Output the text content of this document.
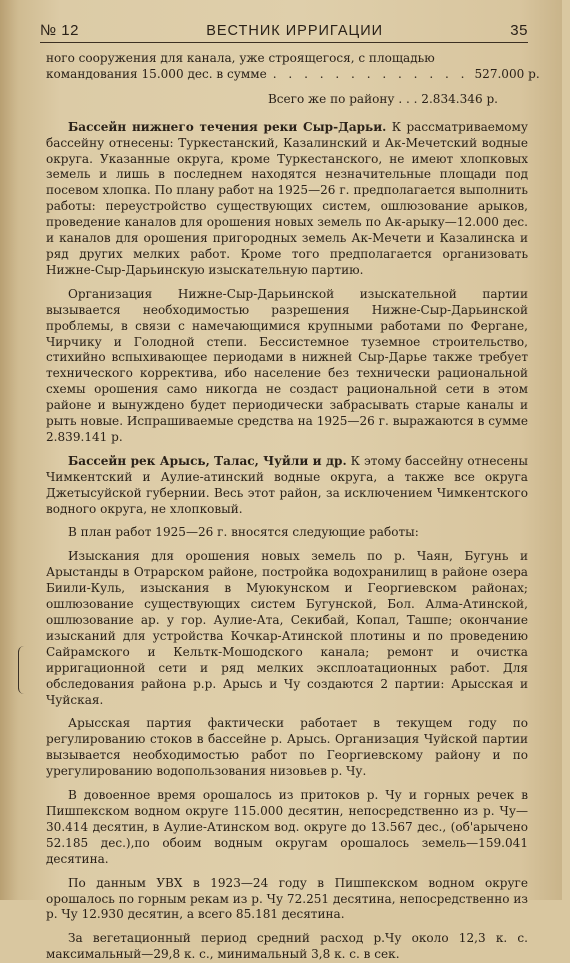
№ 12	ВЕСТНИК ИРРИГАЦИИ	35

ного сооружения для канала, уже строящегося, с площадью

командования 15.000 дес. в сумме . . . . . . . . . . . . . 527.000 р.

Всего же по району . . . 2.834.346 р.

Бассейн нижнего течения реки Сыр-Дарьи. К рассматриваемому бассейну отнесены: Туркестанский, Казалинский и Ак-Мечетский водные округа. Указанные округа, кроме Туркестанского, не имеют хлопковых земель и лишь в последнем находятся незначительные площади под посевом хлопка. По плану работ на 1925—26 г. предполагается выполнить работы: переустройство существующих систем, ошлюзование арыков, проведение каналов для орошения новых земель по Ак-арыку—12.000 дес. и каналов для орошения пригородных земель Ак-Мечети и Казалинска и ряд других мелких работ. Кроме того предполагается организовать Нижне-Сыр-Дарьинскую изыскательную партию.

Организация Нижне-Сыр-Дарьинской изыскательной партии вызывается необходимостью разрешения Нижне-Сыр-Дарьинской проблемы, в связи с намечающимися крупными работами по Фергане, Чирчику и Голодной степи. Бессистемное туземное строительство, стихийно вспыхивающее периодами в нижней Сыр-Дарье также требует технического корректива, ибо население без технически рациональной схемы орошения само никогда не создаст рациональной сети в этом районе и вынуждено будет периодически забрасывать старые каналы и рыть новые. Испрашиваемые средства на 1925—26 г. выражаются в сумме 2.839.141 р.

Бассейн рек Арысь, Талас, Чуйли и др. К этому бассейну отнесены Чимкентский и Аулие-атинский водные округа, а также все округа Джетысуйской губернии. Весь этот район, за исключением Чимкентского водного округа, не хлопковый.

В план работ 1925—26 г. вносятся следующие работы:

Изыскания для орошения новых земель по р. Чаян, Бугунь и Арыстанды в Отрарском районе, постройка водохранилищ в районе озера Биили-Куль, изыскания в Муюкунском и Георгиевском районах; ошлюзование существующих систем Бугунской, Бол. Алма-Атинской, ошлюзование ар. у гор. Аулие-Ата, Секибай, Копал, Ташпе; окончание изысканий для устройства Кочкар-Атинской плотины и по проведению Сайрамского и Кельтк-Мошодского канала; ремонт и очистка ирригационной сети и ряд мелких эксплоатационных работ. Для обследования района р.р. Арысь и Чу создаются 2 партии: Арысская и Чуйская.

Арысская партия фактически работает в текущем году по регулированию стоков в бассейне р. Арысь. Организация Чуйской партии вызывается необходимостью работ по Георгиевскому району и по урегулированию водопользования низовьев р. Чу.

В довоенное время орошалось из притоков р. Чу и горных речек в Пишпекском водном округе 115.000 десятин, непосредственно из р. Чу—30.414 десятин, в Аулие-Атинском вод. округе до 13.567 дес., (об'арычено 52.185 дес.),по обоим водным округам орошалось земель—159.041 десятина.

По данным УВХ в 1923—24 году в Пишпекском водном округе орошалось по горным рекам из р. Чу 72.251 десятина, непосредственно из р. Чу 12.930 десятин, а всего 85.181 десятина.

За вегетационный период средний расход р.Чу около 12,3 к. с. максимальный—29,8 к. с., минимальный 3,8 к. с. в сек.
